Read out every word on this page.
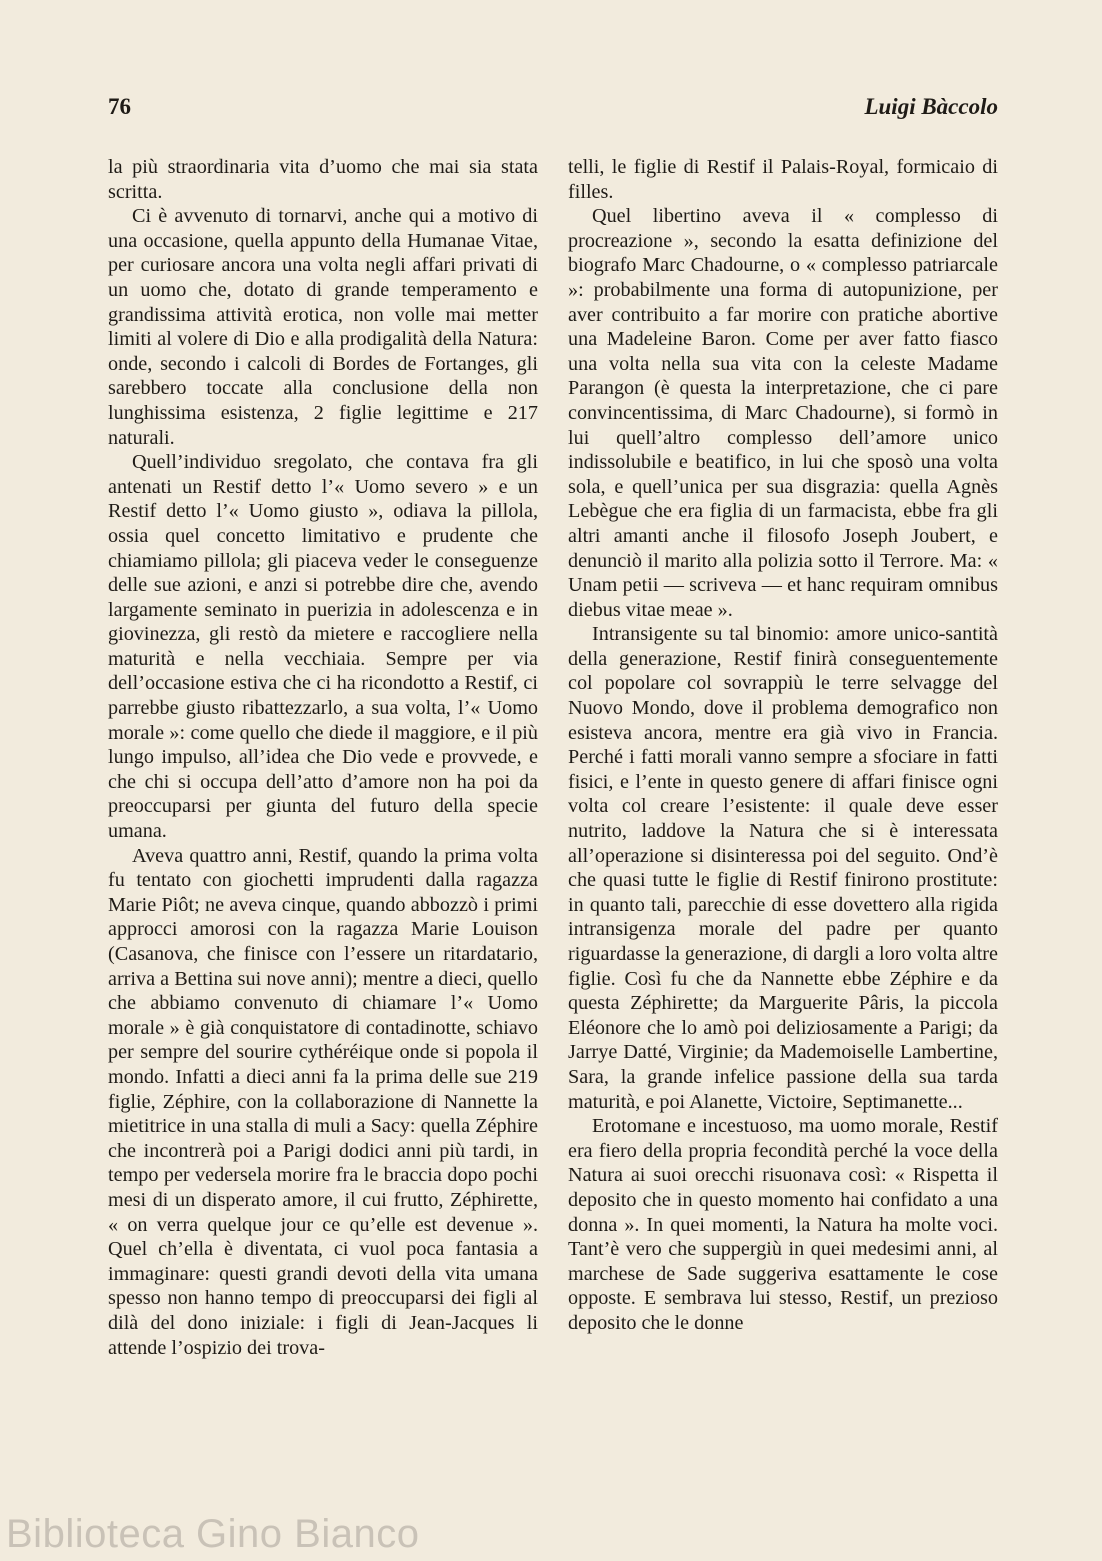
76	Luigi Bàccolo

la più straordinaria vita d’uomo che mai sia stata scritta.

Ci è avvenuto di tornarvi, anche qui a motivo di una occasione, quella appunto della Humanae Vitae, per curiosare ancora una volta negli affari privati di un uomo che, dotato di grande temperamento e grandissima attività erotica, non volle mai metter limiti al volere di Dio e alla prodigalità della Natura: onde, secondo i calcoli di Bordes de Fortanges, gli sarebbero toccate alla conclusione della non lunghissima esistenza, 2 figlie legittime e 217 naturali.

Quell’individuo sregolato, che contava fra gli antenati un Restif detto l’« Uomo severo » e un Restif detto l’« Uomo giusto », odiava la pillola, ossia quel concetto limitativo e prudente che chiamiamo pillola; gli piaceva veder le conseguenze delle sue azioni, e anzi si potrebbe dire che, avendo largamente seminato in puerizia in adolescenza e in giovinezza, gli restò da mietere e raccogliere nella maturità e nella vecchiaia. Sempre per via dell’occasione estiva che ci ha ricondotto a Restif, ci parrebbe giusto ribattezzarlo, a sua volta, l’« Uomo morale »: come quello che diede il maggiore, e il più lungo impulso, all’idea che Dio vede e provvede, e che chi si occupa dell’atto d’amore non ha poi da preoccuparsi per giunta del futuro della specie umana.

Aveva quattro anni, Restif, quando la prima volta fu tentato con giochetti imprudenti dalla ragazza Marie Piôt; ne aveva cinque, quando abbozzò i primi approcci amorosi con la ragazza Marie Louison (Casanova, che finisce con l’essere un ritardatario, arriva a Bettina sui nove anni); mentre a dieci, quello che abbiamo convenuto di chiamare l’« Uomo morale » è già conquistatore di contadinotte, schiavo per sempre del sourire cythéréique onde si popola il mondo. Infatti a dieci anni fa la prima delle sue 219 figlie, Zéphire, con la collaborazione di Nannette la mietitrice in una stalla di muli a Sacy: quella Zéphire che incontrerà poi a Parigi dodici anni più tardi, in tempo per vedersela morire fra le braccia dopo pochi mesi di un disperato amore, il cui frutto, Zéphirette, « on verra quelque jour ce qu’elle est devenue ». Quel ch’ella è diventata, ci vuol poca fantasia a immaginare: questi grandi devoti della vita umana spesso non hanno tempo di preoccuparsi dei figli al dilà del dono iniziale: i figli di Jean-Jacques li attende l’ospizio dei trova-

telli, le figlie di Restif il Palais-Royal, formicaio di filles.

Quel libertino aveva il « complesso di procreazione », secondo la esatta definizione del biografo Marc Chadourne, o « complesso patriarcale »: probabilmente una forma di autopunizione, per aver contribuito a far morire con pratiche abortive una Madeleine Baron. Come per aver fatto fiasco una volta nella sua vita con la celeste Madame Parangon (è questa la interpretazione, che ci pare convincentissima, di Marc Chadourne), si formò in lui quell’altro complesso dell’amore unico indissolubile e beatifico, in lui che sposò una volta sola, e quell’unica per sua disgrazia: quella Agnès Lebègue che era figlia di un farmacista, ebbe fra gli altri amanti anche il filosofo Joseph Joubert, e denunciò il marito alla polizia sotto il Terrore. Ma: « Unam petii — scriveva — et hanc requiram omnibus diebus vitae meae ».

Intransigente su tal binomio: amore unico-santità della generazione, Restif finirà conseguentemente col popolare col sovrappiù le terre selvagge del Nuovo Mondo, dove il problema demografico non esisteva ancora, mentre era già vivo in Francia. Perché i fatti morali vanno sempre a sfociare in fatti fisici, e l’ente in questo genere di affari finisce ogni volta col creare l’esistente: il quale deve esser nutrito, laddove la Natura che si è interessata all’operazione si disinteressa poi del seguito. Ond’è che quasi tutte le figlie di Restif finirono prostitute: in quanto tali, parecchie di esse dovettero alla rigida intransigenza morale del padre per quanto riguardasse la generazione, di dargli a loro volta altre figlie. Così fu che da Nannette ebbe Zéphire e da questa Zéphirette; da Marguerite Pâris, la piccola Eléonore che lo amò poi deliziosamente a Parigi; da Jarrye Datté, Virginie; da Mademoiselle Lambertine, Sara, la grande infelice passione della sua tarda maturità, e poi Alanette, Victoire, Septimanette...

Erotomane e incestuoso, ma uomo morale, Restif era fiero della propria fecondità perché la voce della Natura ai suoi orecchi risuonava così: « Rispetta il deposito che in questo momento hai confidato a una donna ». In quei momenti, la Natura ha molte voci. Tant’è vero che suppergiù in quei medesimi anni, al marchese de Sade suggeriva esattamente le cose opposte. E sembrava lui stesso, Restif, un prezioso deposito che le donne

Biblioteca Gino Bianco
